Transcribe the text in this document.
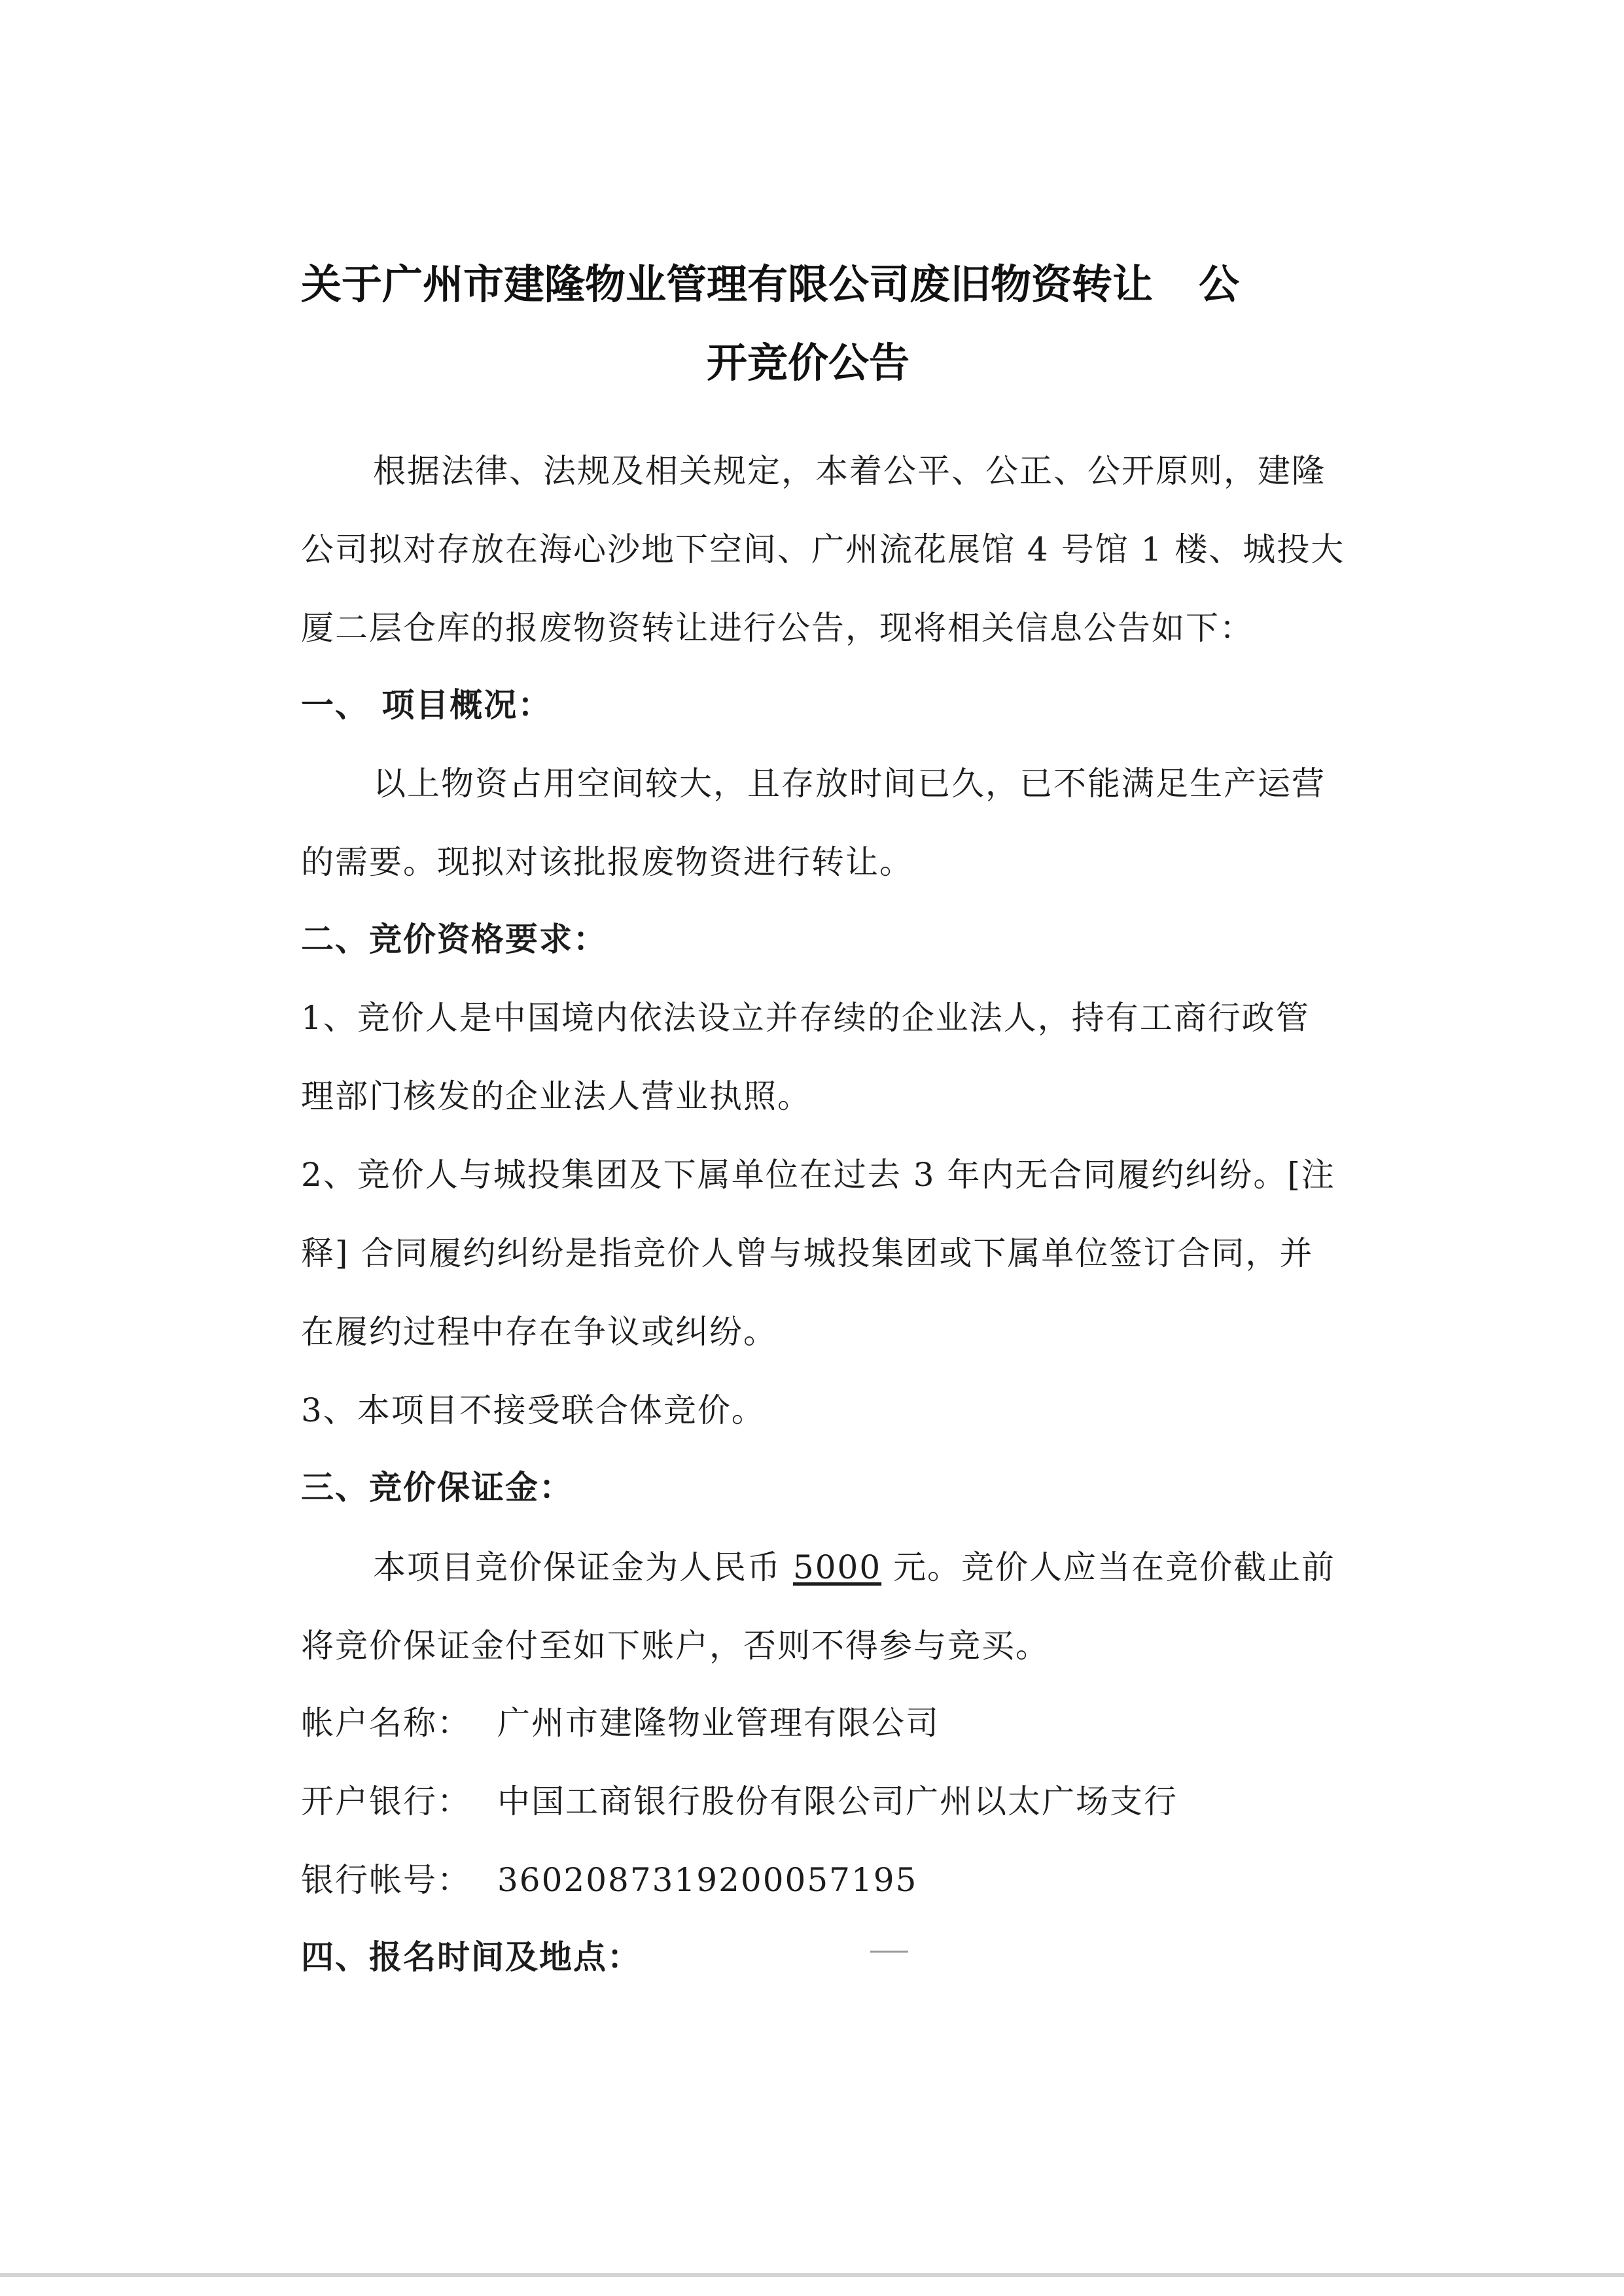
关于广州市建隆物业管理有限公司废旧物资转让 公
开竞价公告
根据法律、法规及相关规定，本着公平、公正、公开原则，建隆
公司拟对存放在海心沙地下空间、广州流花展馆 4 号馆 1 楼、城投大
厦二层仓库的报废物资转让进行公告，现将相关信息公告如下：
一、 项目概况：
以上物资占用空间较大，且存放时间已久，已不能满足生产运营
的需要。现拟对该批报废物资进行转让。
二、竞价资格要求：
1、竞价人是中国境内依法设立并存续的企业法人，持有工商行政管
理部门核发的企业法人营业执照。
2、竞价人与城投集团及下属单位在过去 3 年内无合同履约纠纷。[注
释] 合同履约纠纷是指竞价人曾与城投集团或下属单位签订合同，并
在履约过程中存在争议或纠纷。
3、本项目不接受联合体竞价。
三、竞价保证金：
本项目竞价保证金为人民币 5000 元。竞价人应当在竞价截止前
将竞价保证金付至如下账户，否则不得参与竞买。
帐户名称： 广州市建隆物业管理有限公司
开户银行： 中国工商银行股份有限公司广州以太广场支行
银行帐号： 3602087319200057195
四、报名时间及地点：
